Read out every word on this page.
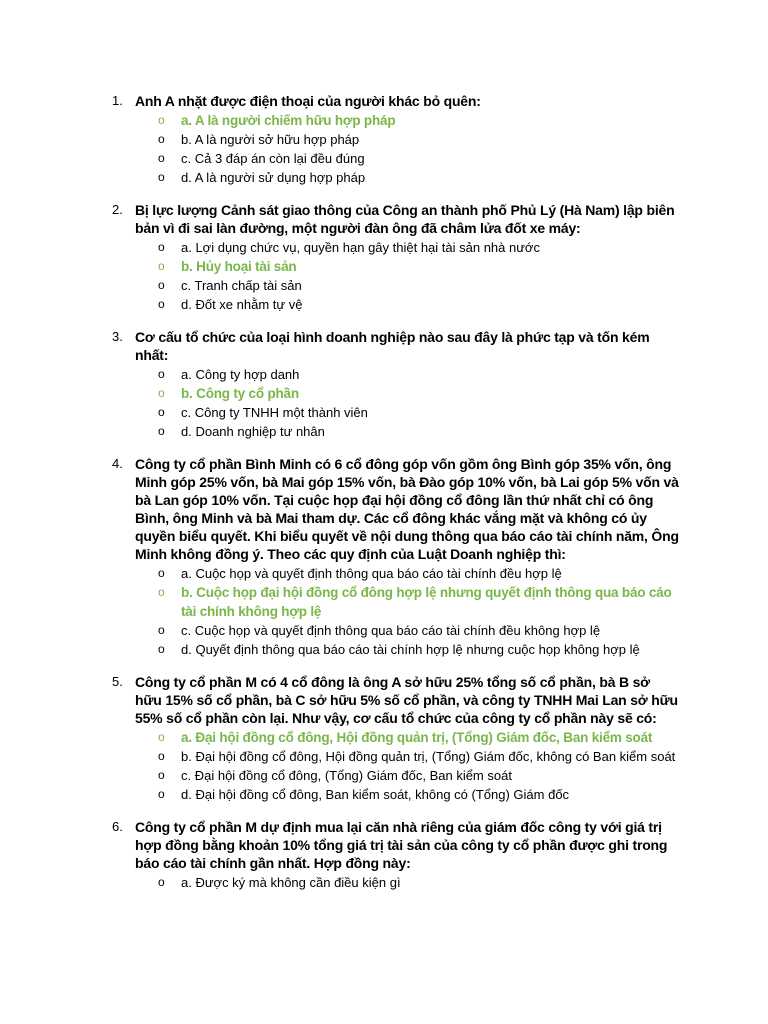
1. Anh A nhặt được điện thoại của người khác bỏ quên:
o a. A là người chiếm hữu hợp pháp
o b. A là người sở hữu hợp pháp
o c. Cả 3 đáp án còn lại đều đúng
o d. A là người sử dụng hợp pháp
2. Bị lực lượng Cảnh sát giao thông của Công an thành phố Phủ Lý (Hà Nam) lập biên bản vì đi sai làn đường, một người đàn ông đã châm lửa đốt xe máy:
o a. Lợi dụng chức vụ, quyền hạn gây thiệt hại tài sản nhà nước
o b. Hủy hoại tài sản
o c. Tranh chấp tài sản
o d. Đốt xe nhằm tự vệ
3. Cơ cấu tổ chức của loại hình doanh nghiệp nào sau đây là phức tạp và tốn kém nhất:
o a. Công ty hợp danh
o b. Công ty cổ phần
o c. Công ty TNHH một thành viên
o d. Doanh nghiệp tư nhân
4. Công ty cổ phần Bình Minh có 6 cổ đông góp vốn gồm ông Bình góp 35% vốn, ông Minh góp 25% vốn, bà Mai góp 15% vốn, bà Đào góp 10% vốn, bà Lai góp 5% vốn và bà Lan góp 10% vốn. Tại cuộc họp đại hội đồng cổ đông lần thứ nhất chỉ có ông Bình, ông Minh và bà Mai tham dự. Các cổ đông khác vắng mặt và không có ủy quyền biểu quyết. Khi biểu quyết về nội dung thông qua báo cáo tài chính năm, Ông Minh không đồng ý. Theo các quy định của Luật Doanh nghiệp thì:
o a. Cuộc họp và quyết định thông qua báo cáo tài chính đều hợp lệ
o b. Cuộc họp đại hội đồng cổ đông hợp lệ nhưng quyết định thông qua báo cáo tài chính không hợp lệ
o c. Cuộc họp và quyết định thông qua báo cáo tài chính đều không hợp lệ
o d. Quyết định thông qua báo cáo tài chính hợp lệ nhưng cuộc họp không hợp lệ
5. Công ty cổ phần M có 4 cổ đông là ông A sở hữu 25% tổng số cổ phần, bà B sở hữu 15% số cổ phần, bà C sở hữu 5% số cổ phần, và công ty TNHH Mai Lan sở hữu 55% số cổ phần còn lại. Như vậy, cơ cấu tổ chức của công ty cổ phần này sẽ có:
o a. Đại hội đồng cổ đông, Hội đồng quản trị, (Tổng) Giám đốc, Ban kiểm soát
o b. Đại hội đồng cổ đông, Hội đồng quản trị, (Tổng) Giám đốc, không có Ban kiểm soát
o c. Đại hội đồng cổ đông, (Tổng) Giám đốc, Ban kiểm soát
o d. Đại hội đồng cổ đông, Ban kiểm soát, không có (Tổng) Giám đốc
6. Công ty cổ phần M dự định mua lại căn nhà riêng của giám đốc công ty với giá trị hợp đồng bằng khoản 10% tổng giá trị tài sản của công ty cổ phần được ghi trong báo cáo tài chính gần nhất. Hợp đồng này:
o a. Được ký mà không cần điều kiện gì
